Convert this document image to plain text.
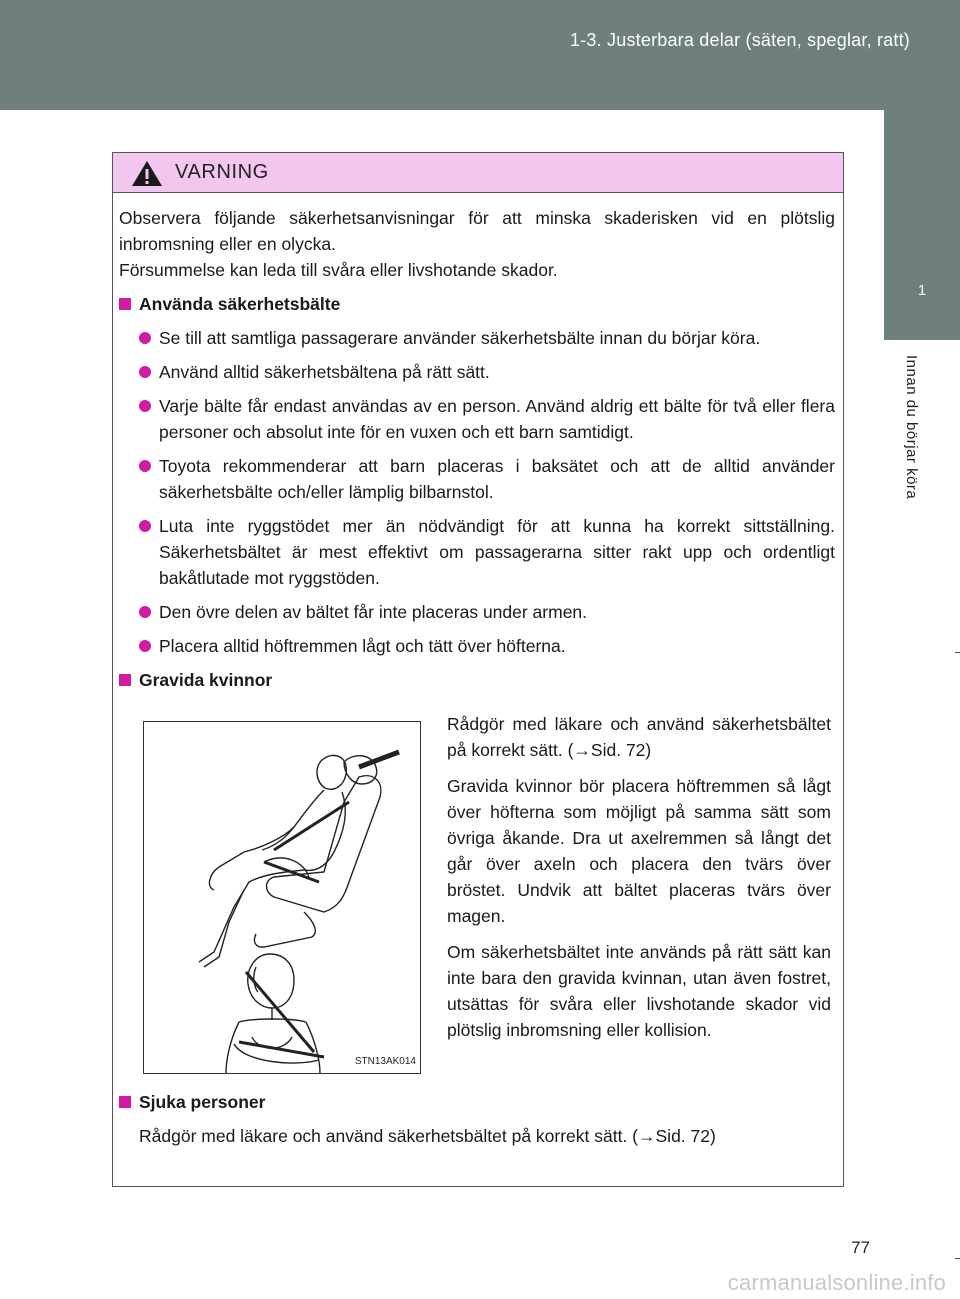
1-3. Justerbara delar (säten, speglar, ratt)
1
Innan du börjar köra
VARNING

Observera följande säkerhetsanvisningar för att minska skaderisken vid en plötslig inbromsning eller en olycka.

Försummelse kan leda till svåra eller livshotande skador.

Använda säkerhetsbälte
Se till att samtliga passagerare använder säkerhetsbälte innan du börjar köra.
Använd alltid säkerhetsbältena på rätt sätt.
Varje bälte får endast användas av en person. Använd aldrig ett bälte för två eller flera personer och absolut inte för en vuxen och ett barn samtidigt.
Toyota rekommenderar att barn placeras i baksätet och att de alltid använder säkerhetsbälte och/eller lämplig bilbarnstol.
Luta inte ryggstödet mer än nödvändigt för att kunna ha korrekt sittställning. Säkerhetsbältet är mest effektivt om passagerarna sitter rakt upp och ordentligt bakåtlutade mot ryggstöden.
Den övre delen av bältet får inte placeras under armen.
Placera alltid höftremmen lågt och tätt över höfterna.
Gravida kvinnor
STN13AK014

Rådgör med läkare och använd säkerhetsbältet på korrekt sätt. (→Sid. 72)

Gravida kvinnor bör placera höftremmen så lågt över höfterna som möjligt på samma sätt som övriga åkande. Dra ut axelremmen så långt det går över axeln och placera den tvärs över bröstet. Undvik att bältet placeras tvärs över magen.

Om säkerhetsbältet inte används på rätt sätt kan inte bara den gravida kvinnan, utan även fostret, utsättas för svåra eller livshotande skador vid plötslig inbromsning eller kollision.

Sjuka personer

Rådgör med läkare och använd säkerhetsbältet på korrekt sätt. (→Sid. 72)

77
carmanualsonline.info
